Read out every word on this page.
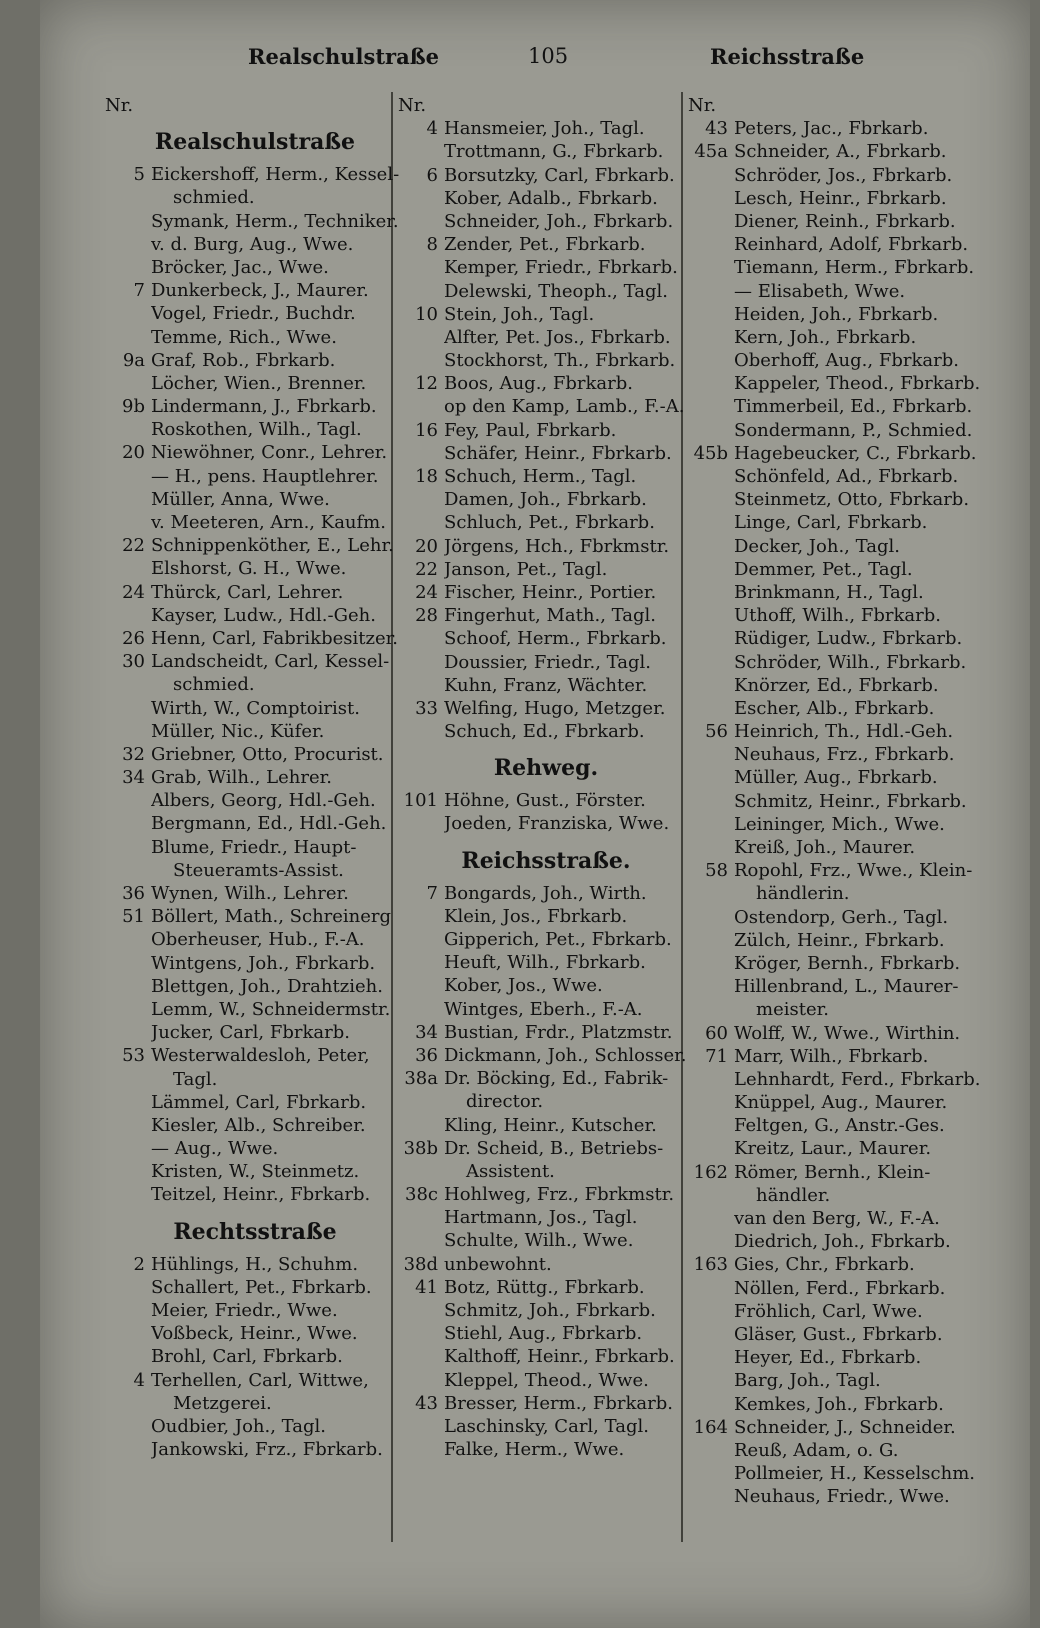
Realschulstraße	105	Reichsstraße
Nr.
Realschulstraße
5 Eickershoff, Herm., Kessel-
schmied.
Symank, Herm., Techniker.
v. d. Burg, Aug., Wwe.
Bröcker, Jac., Wwe.
7 Dunkerbeck, J., Maurer.
Vogel, Friedr., Buchdr.
Temme, Rich., Wwe.
9a Graf, Rob., Fbrkarb.
Löcher, Wien., Brenner.
9b Lindermann, J., Fbrkarb.
Roskothen, Wilh., Tagl.
20 Niewöhner, Conr., Lehrer.
— H., pens. Hauptlehrer.
Müller, Anna, Wwe.
v. Meeteren, Arn., Kaufm.
22 Schnippenköther, E., Lehr.
Elshorst, G. H., Wwe.
24 Thürck, Carl, Lehrer.
Kayser, Ludw., Hdl.-Geh.
26 Henn, Carl, Fabrikbesitzer.
30 Landscheidt, Carl, Kessel-
schmied.
Wirth, W., Comptoirist.
Müller, Nic., Küfer.
32 Griebner, Otto, Procurist.
34 Grab, Wilh., Lehrer.
Albers, Georg, Hdl.-Geh.
Bergmann, Ed., Hdl.-Geh.
Blume, Friedr., Haupt-
Steueramts-Assist.
36 Wynen, Wilh., Lehrer.
51 Böllert, Math., Schreinerg
Oberheuser, Hub., F.-A.
Wintgens, Joh., Fbrkarb.
Blettgen, Joh., Drahtzieh.
Lemm, W., Schneidermstr.
Jucker, Carl, Fbrkarb.
53 Westerwaldesloh, Peter,
Tagl.
Lämmel, Carl, Fbrkarb.
Kiesler, Alb., Schreiber.
— Aug., Wwe.
Kristen, W., Steinmetz.
Teitzel, Heinr., Fbrkarb.
Rechtsstraße
2 Hühlings, H., Schuhm.
Schallert, Pet., Fbrkarb.
Meier, Friedr., Wwe.
Voßbeck, Heinr., Wwe.
Brohl, Carl, Fbrkarb.
4 Terhellen, Carl, Wittwe,
Metzgerei.
Oudbier, Joh., Tagl.
Jankowski, Frz., Fbrkarb.
Nr.
4 Hansmeier, Joh., Tagl.
Trottmann, G., Fbrkarb.
6 Borsutzky, Carl, Fbrkarb.
Kober, Adalb., Fbrkarb.
Schneider, Joh., Fbrkarb.
8 Zender, Pet., Fbrkarb.
Kemper, Friedr., Fbrkarb.
Delewski, Theoph., Tagl.
10 Stein, Joh., Tagl.
Alfter, Pet. Jos., Fbrkarb.
Stockhorst, Th., Fbrkarb.
12 Boos, Aug., Fbrkarb.
op den Kamp, Lamb., F.-A.
16 Fey, Paul, Fbrkarb.
Schäfer, Heinr., Fbrkarb.
18 Schuch, Herm., Tagl.
Damen, Joh., Fbrkarb.
Schluch, Pet., Fbrkarb.
20 Jörgens, Hch., Fbrkmstr.
22 Janson, Pet., Tagl.
24 Fischer, Heinr., Portier.
28 Fingerhut, Math., Tagl.
Schoof, Herm., Fbrkarb.
Doussier, Friedr., Tagl.
Kuhn, Franz, Wächter.
33 Welfing, Hugo, Metzger.
Schuch, Ed., Fbrkarb.
Rehweg.
101 Höhne, Gust., Förster.
Joeden, Franziska, Wwe.
Reichsstraße.
7 Bongards, Joh., Wirth.
Klein, Jos., Fbrkarb.
Gipperich, Pet., Fbrkarb.
Heuft, Wilh., Fbrkarb.
Kober, Jos., Wwe.
Wintges, Eberh., F.-A.
34 Bustian, Frdr., Platzmstr.
36 Dickmann, Joh., Schlosser.
38a Dr. Böcking, Ed., Fabrik-
director.
Kling, Heinr., Kutscher.
38b Dr. Scheid, B., Betriebs-
Assistent.
38c Hohlweg, Frz., Fbrkmstr.
Hartmann, Jos., Tagl.
Schulte, Wilh., Wwe.
38d unbewohnt.
41 Botz, Rüttg., Fbrkarb.
Schmitz, Joh., Fbrkarb.
Stiehl, Aug., Fbrkarb.
Kalthoff, Heinr., Fbrkarb.
Kleppel, Theod., Wwe.
43 Bresser, Herm., Fbrkarb.
Laschinsky, Carl, Tagl.
Falke, Herm., Wwe.
Nr.
43 Peters, Jac., Fbrkarb.
45a Schneider, A., Fbrkarb.
Schröder, Jos., Fbrkarb.
Lesch, Heinr., Fbrkarb.
Diener, Reinh., Fbrkarb.
Reinhard, Adolf, Fbrkarb.
Tiemann, Herm., Fbrkarb.
— Elisabeth, Wwe.
Heiden, Joh., Fbrkarb.
Kern, Joh., Fbrkarb.
Oberhoff, Aug., Fbrkarb.
Kappeler, Theod., Fbrkarb.
Timmerbeil, Ed., Fbrkarb.
Sondermann, P., Schmied.
45b Hagebeucker, C., Fbrkarb.
Schönfeld, Ad., Fbrkarb.
Steinmetz, Otto, Fbrkarb.
Linge, Carl, Fbrkarb.
Decker, Joh., Tagl.
Demmer, Pet., Tagl.
Brinkmann, H., Tagl.
Uthoff, Wilh., Fbrkarb.
Rüdiger, Ludw., Fbrkarb.
Schröder, Wilh., Fbrkarb.
Knörzer, Ed., Fbrkarb.
Escher, Alb., Fbrkarb.
56 Heinrich, Th., Hdl.-Geh.
Neuhaus, Frz., Fbrkarb.
Müller, Aug., Fbrkarb.
Schmitz, Heinr., Fbrkarb.
Leininger, Mich., Wwe.
Kreiß, Joh., Maurer.
58 Ropohl, Frz., Wwe., Klein-
händlerin.
Ostendorp, Gerh., Tagl.
Zülch, Heinr., Fbrkarb.
Kröger, Bernh., Fbrkarb.
Hillenbrand, L., Maurer-
meister.
60 Wolff, W., Wwe., Wirthin.
71 Marr, Wilh., Fbrkarb.
Lehnhardt, Ferd., Fbrkarb.
Knüppel, Aug., Maurer.
Feltgen, G., Anstr.-Ges.
Kreitz, Laur., Maurer.
162 Römer, Bernh., Klein-
händler.
van den Berg, W., F.-A.
Diedrich, Joh., Fbrkarb.
163 Gies, Chr., Fbrkarb.
Nöllen, Ferd., Fbrkarb.
Fröhlich, Carl, Wwe.
Gläser, Gust., Fbrkarb.
Heyer, Ed., Fbrkarb.
Barg, Joh., Tagl.
Kemkes, Joh., Fbrkarb.
164 Schneider, J., Schneider.
Reuß, Adam, o. G.
Pollmeier, H., Kesselschm.
Neuhaus, Friedr., Wwe.
